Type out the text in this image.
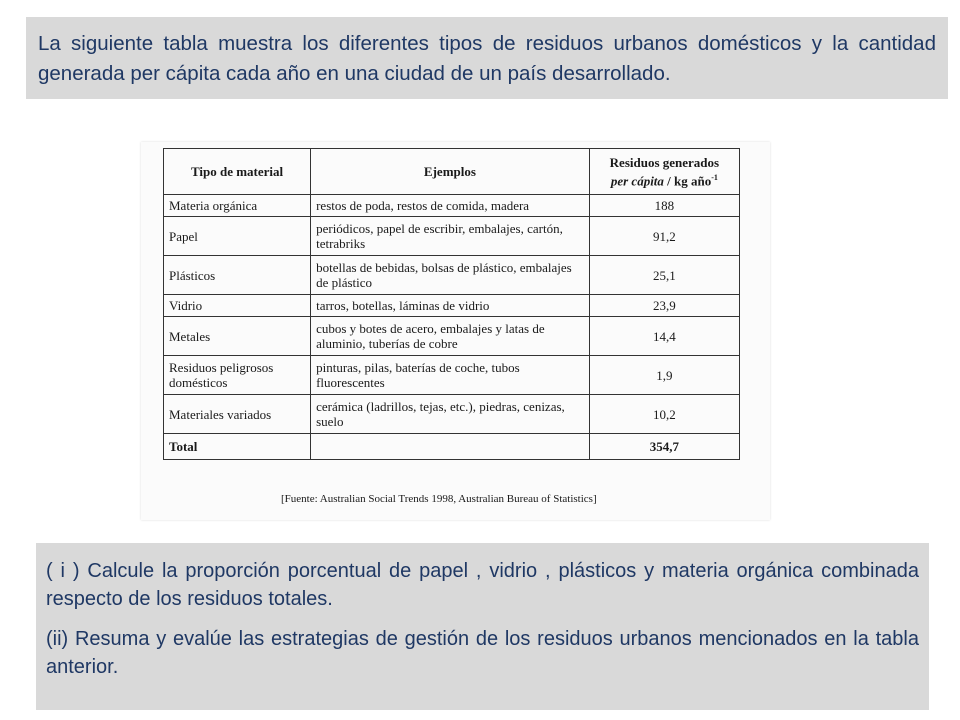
La siguiente tabla muestra los diferentes tipos de residuos urbanos domésticos y la cantidad generada per cápita cada año en una ciudad de un país desarrollado.
Tipo de material	Ejemplos	Residuos generados
per cápita / kg año$^{-1}$
Materia orgánica	restos de poda, restos de comida, madera	188
Papel	periódicos, papel de escribir, embalajes, cartón, tetrabriks	91,2
Plásticos	botellas de bebidas, bolsas de plástico, embalajes de plástico	25,1
Vidrio	tarros, botellas, láminas de vidrio	23,9
Metales	cubos y botes de acero, embalajes y latas de aluminio, tuberías de cobre	14,4
Residuos peligrosos domésticos	pinturas, pilas, baterías de coche, tubos fluorescentes	1,9
Materiales variados	cerámica (ladrillos, tejas, etc.), piedras, cenizas, suelo	10,2
Total		354,7
[Fuente: Australian Social Trends 1998, Australian Bureau of Statistics]

( i ) Calcule la proporción porcentual de papel , vidrio , plásticos y materia orgánica combinada respecto de los residuos totales.

(ii) Resuma y evalúe las estrategias de gestión de los residuos urbanos mencionados en la tabla anterior.
